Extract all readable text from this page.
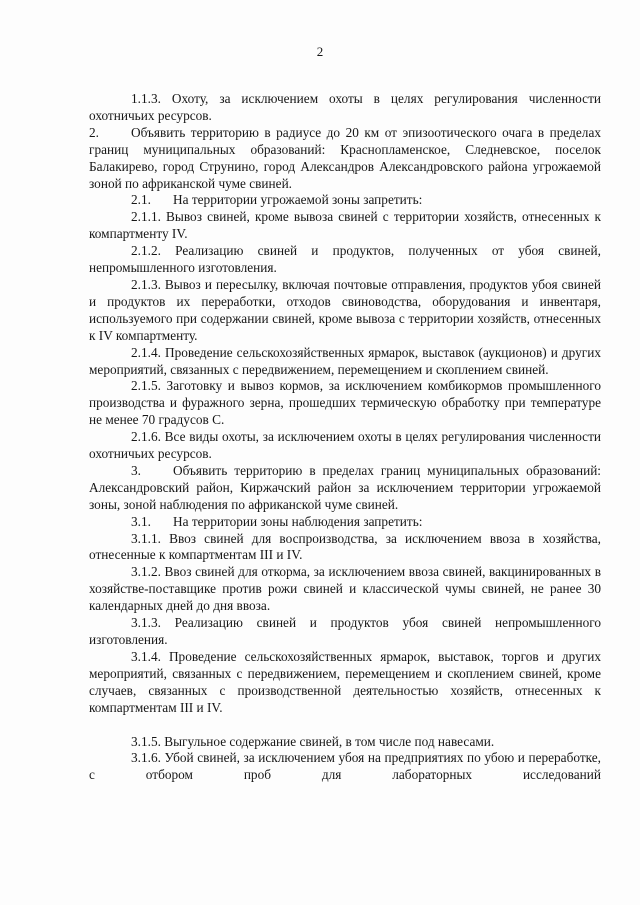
2

1.1.3. Охоту, за исключением охоты в целях регулирования численности охотничьих ресурсов.

2. Объявить территорию в радиусе до 20 км от эпизоотического очага в пределах границ муниципальных образований: Краснопламенское, Следневское, поселок Балакирево, город Струнино, город Александров Александровского района угрожаемой зоной по африканской чуме свиней.

2.1. На территории угрожаемой зоны запретить:

2.1.1. Вывоз свиней, кроме вывоза свиней с территории хозяйств, отнесенных к компартменту IV.

2.1.2. Реализацию свиней и продуктов, полученных от убоя свиней, непромышленного изготовления.

2.1.3. Вывоз и пересылку, включая почтовые отправления, продуктов убоя свиней и продуктов их переработки, отходов свиноводства, оборудования и инвентаря, используемого при содержании свиней, кроме вывоза с территории хозяйств, отнесенных к IV компартменту.

2.1.4. Проведение сельскохозяйственных ярмарок, выставок (аукционов) и других мероприятий, связанных с передвижением, перемещением и скоплением свиней.

2.1.5. Заготовку и вывоз кормов, за исключением комбикормов промышленного производства и фуражного зерна, прошедших термическую обработку при температуре не менее 70 градусов С.

2.1.6. Все виды охоты, за исключением охоты в целях регулирования численности охотничьих ресурсов.

3. Объявить территорию в пределах границ муниципальных образований: Александровский район, Киржачский район за исключением территории угрожаемой зоны, зоной наблюдения по африканской чуме свиней.

3.1. На территории зоны наблюдения запретить:

3.1.1. Ввоз свиней для воспроизводства, за исключением ввоза в хозяйства, отнесенные к компартментам III и IV.

3.1.2. Ввоз свиней для откорма, за исключением ввоза свиней, вакцинированных в хозяйстве-поставщике против рожи свиней и классической чумы свиней, не ранее 30 календарных дней до дня ввоза.

3.1.3. Реализацию свиней и продуктов убоя свиней непромышленного изготовления.

3.1.4. Проведение сельскохозяйственных ярмарок, выставок, торгов и других мероприятий, связанных с передвижением, перемещением и скоплением свиней, кроме случаев, связанных с производственной деятельностью хозяйств, отнесенных к компартментам III и IV.

3.1.5. Выгульное содержание свиней, в том числе под навесами.

3.1.6. Убой свиней, за исключением убоя на предприятиях по убою и переработке, с отбором проб для лабораторных исследований
